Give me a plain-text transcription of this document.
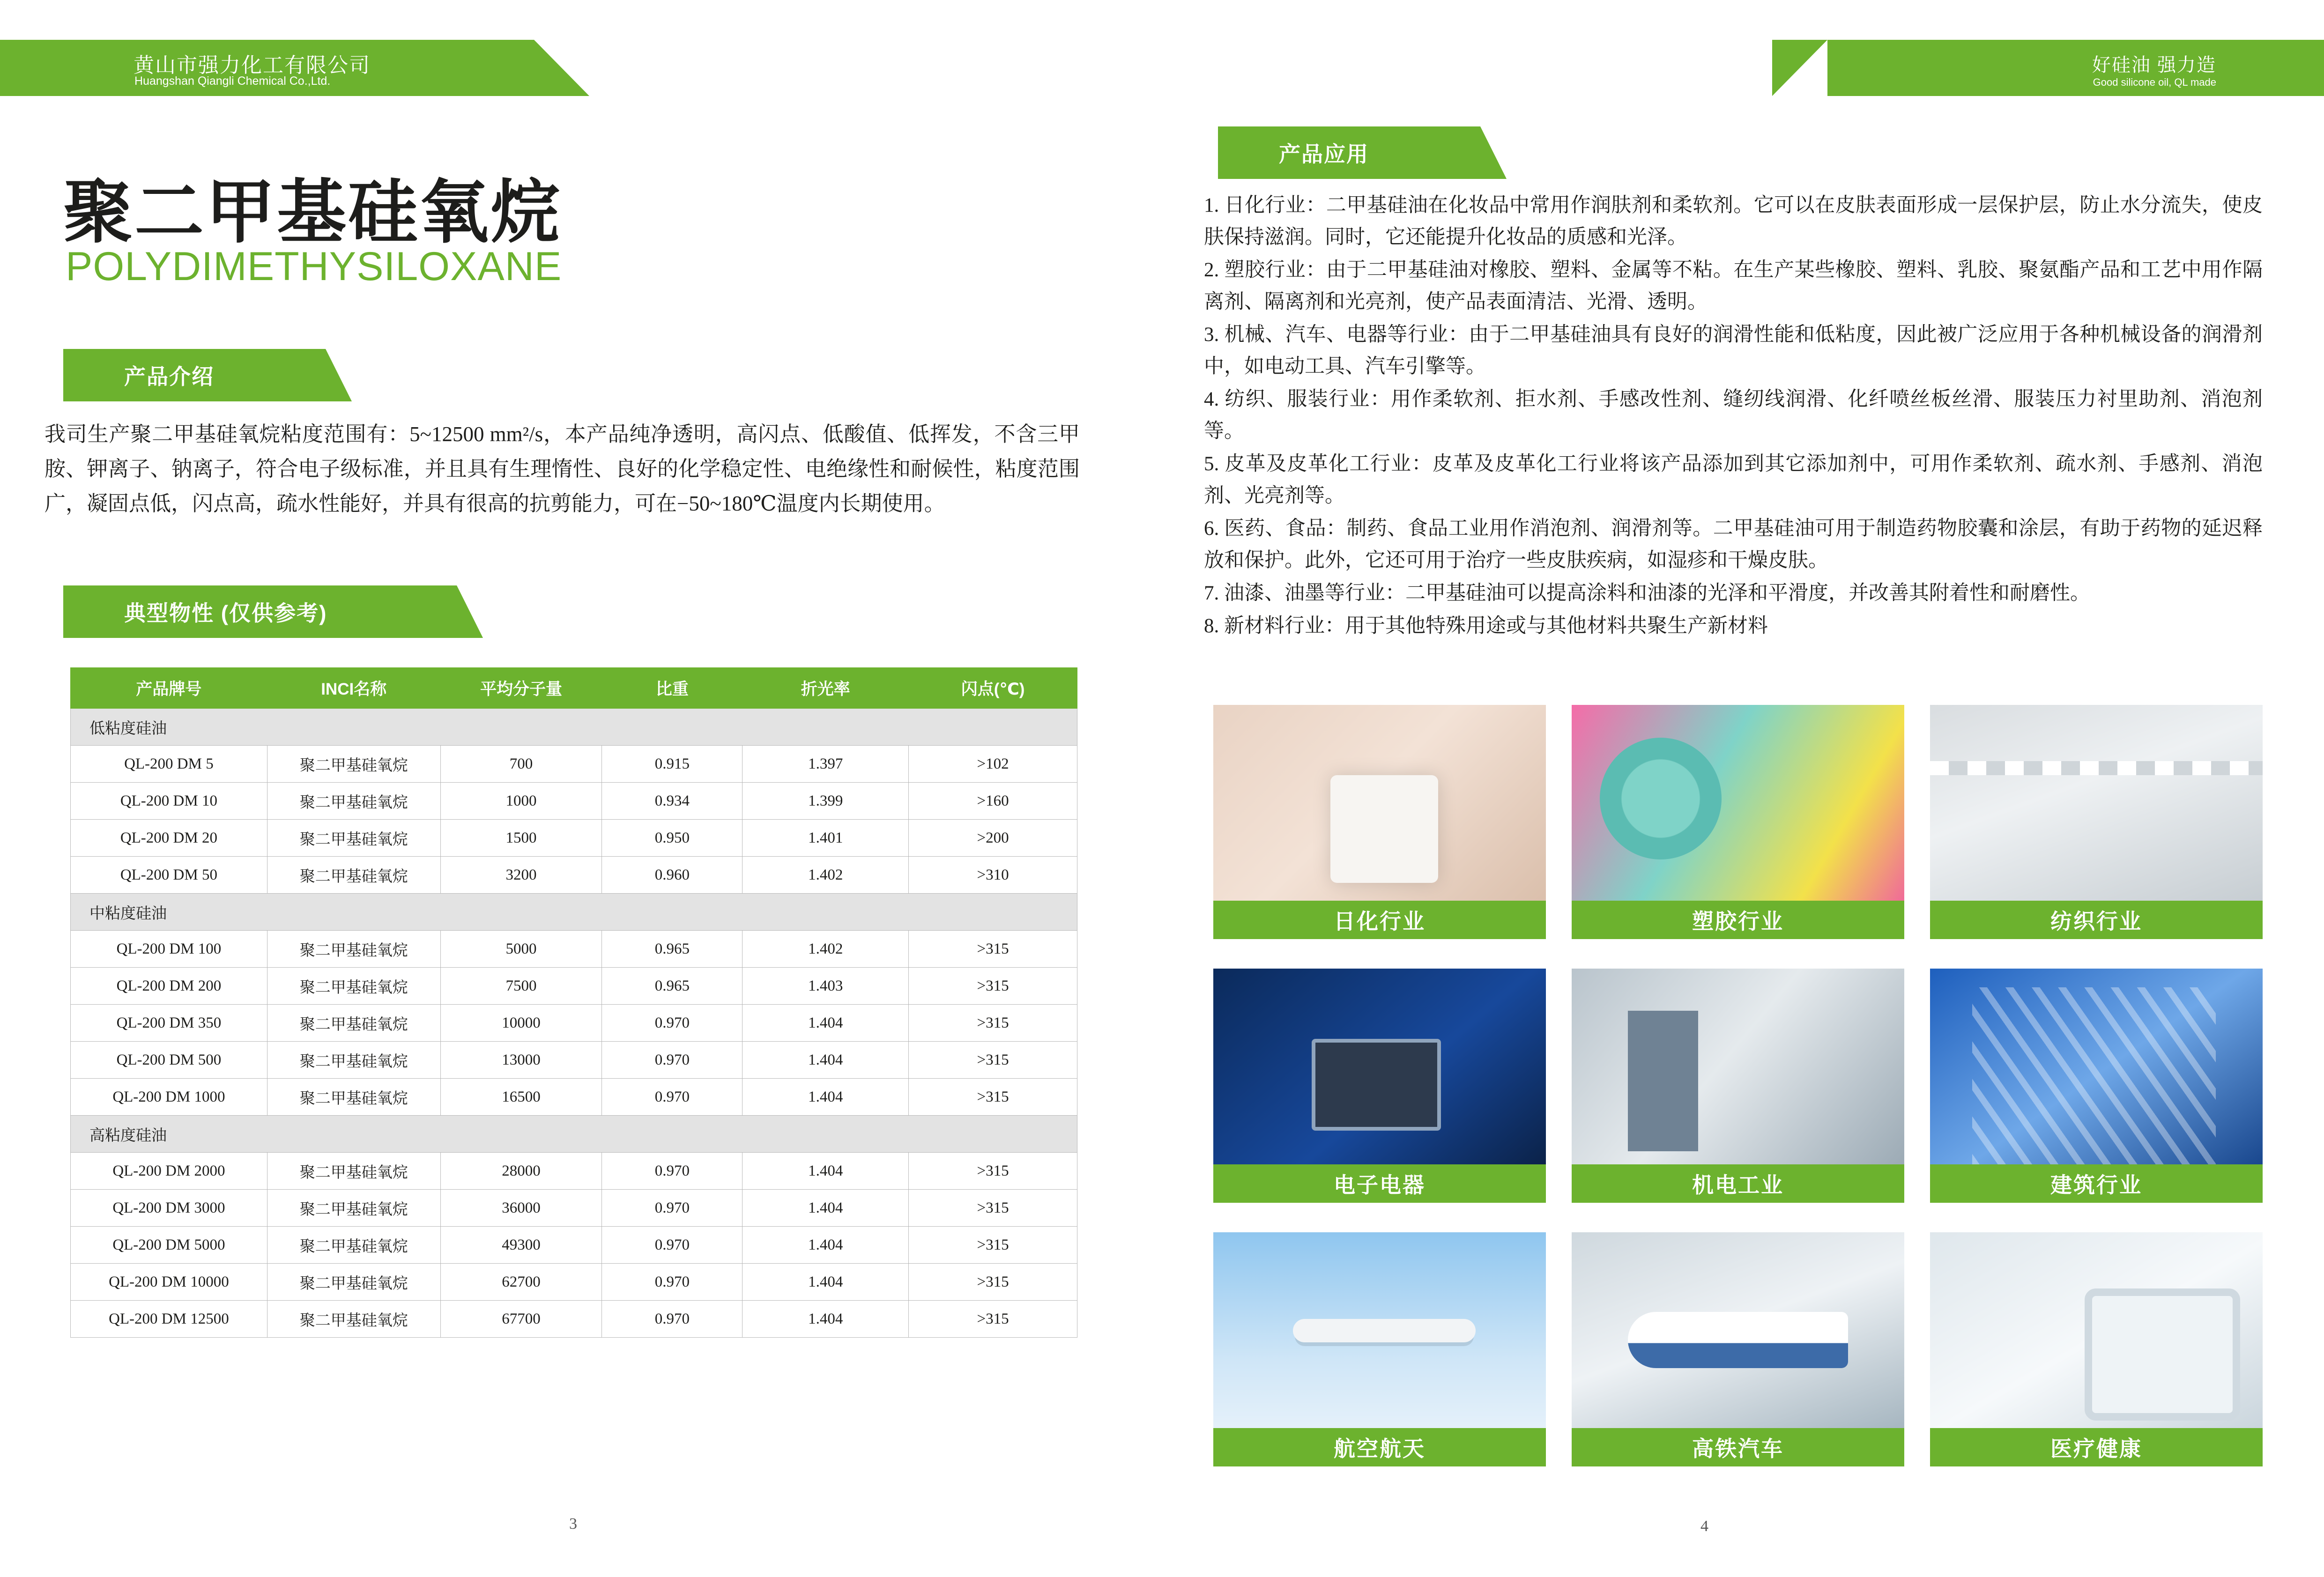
黄山市强力化工有限公司
Huangshan Qiangli Chemical Co.,Ltd.
好硅油 强力造
Good silicone oil, QL made
聚二甲基硅氧烷
POLYDIMETHYSILOXANE
产品介绍
我司生产聚二甲基硅氧烷粘度范围有：5~12500 mm²/s，本产品纯净透明，高闪点、低酸值、低挥发，不含三甲胺、钾离子、钠离子，符合电子级标准，并且具有生理惰性、良好的化学稳定性、电绝缘性和耐候性，粘度范围广，凝固点低，闪点高，疏水性能好，并具有很高的抗剪能力，可在−50~180℃温度内长期使用。
典型物性 (仅供参考)
产品牌号	INCI名称	平均分子量	比重	折光率	闪点(℃)
低粘度硅油					
QL-200 DM 5	聚二甲基硅氧烷	700	0.915	1.397	>102
QL-200 DM 10	聚二甲基硅氧烷	1000	0.934	1.399	>160
QL-200 DM 20	聚二甲基硅氧烷	1500	0.950	1.401	>200
QL-200 DM 50	聚二甲基硅氧烷	3200	0.960	1.402	>310
中粘度硅油					
QL-200 DM 100	聚二甲基硅氧烷	5000	0.965	1.402	>315
QL-200 DM 200	聚二甲基硅氧烷	7500	0.965	1.403	>315
QL-200 DM 350	聚二甲基硅氧烷	10000	0.970	1.404	>315
QL-200 DM 500	聚二甲基硅氧烷	13000	0.970	1.404	>315
QL-200 DM 1000	聚二甲基硅氧烷	16500	0.970	1.404	>315
高粘度硅油					
QL-200 DM 2000	聚二甲基硅氧烷	28000	0.970	1.404	>315
QL-200 DM 3000	聚二甲基硅氧烷	36000	0.970	1.404	>315
QL-200 DM 5000	聚二甲基硅氧烷	49300	0.970	1.404	>315
QL-200 DM 10000	聚二甲基硅氧烷	62700	0.970	1.404	>315
QL-200 DM 12500	聚二甲基硅氧烷	67700	0.970	1.404	>315
3
产品应用

1. 日化行业：二甲基硅油在化妆品中常用作润肤剂和柔软剂。它可以在皮肤表面形成一层保护层，防止水分流失，使皮肤保持滋润。同时，它还能提升化妆品的质感和光泽。

2. 塑胶行业：由于二甲基硅油对橡胶、塑料、金属等不粘。在生产某些橡胶、塑料、乳胶、聚氨酯产品和工艺中用作隔离剂、隔离剂和光亮剂，使产品表面清洁、光滑、透明。

3. 机械、汽车、电器等行业：由于二甲基硅油具有良好的润滑性能和低粘度，因此被广泛应用于各种机械设备的润滑剂中，如电动工具、汽车引擎等。

4. 纺织、服装行业：用作柔软剂、拒水剂、手感改性剂、缝纫线润滑、化纤喷丝板丝滑、服装压力衬里助剂、消泡剂等。

5. 皮革及皮革化工行业：皮革及皮革化工行业将该产品添加到其它添加剂中，可用作柔软剂、疏水剂、手感剂、消泡剂、光亮剂等。

6. 医药、食品：制药、食品工业用作消泡剂、润滑剂等。二甲基硅油可用于制造药物胶囊和涂层，有助于药物的延迟释放和保护。此外，它还可用于治疗一些皮肤疾病，如湿疹和干燥皮肤。

7. 油漆、油墨等行业：二甲基硅油可以提高涂料和油漆的光泽和平滑度，并改善其附着性和耐磨性。

8. 新材料行业：用于其他特殊用途或与其他材料共聚生产新材料

日化行业	塑胶行业	纺织行业
电子电器	机电工业	建筑行业
航空航天	高铁汽车	医疗健康
4
